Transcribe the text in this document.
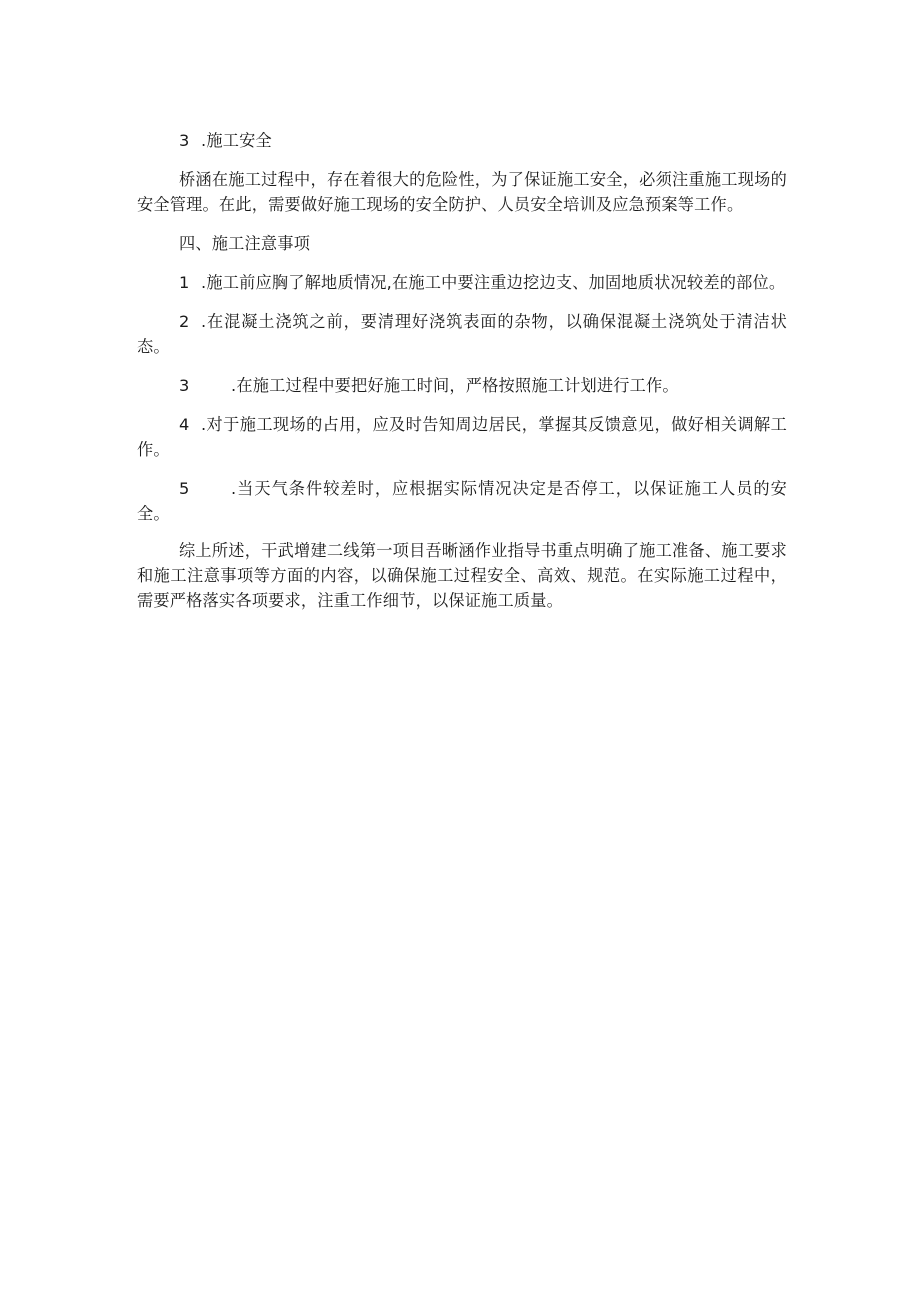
3 .施工安全

桥涵在施工过程中，存在着很大的危险性，为了保证施工安全，必须注重施工现场的安全管理。在此，需要做好施工现场的安全防护、人员安全培训及应急预案等工作。

四、施工注意事项

1 .施工前应胸了解地质情况,在施工中要注重边挖边支、加固地质状况较差的部位。

2 .在混凝土浇筑之前，要清理好浇筑表面的杂物，以确保混凝土浇筑处于清洁状态。

3	.在施工过程中要把好施工时间，严格按照施工计划进行工作。

4 .对于施工现场的占用，应及时告知周边居民，掌握其反馈意见，做好相关调解工作。

5	.当天气条件较差时，应根据实际情况决定是否停工，以保证施工人员的安全。

综上所述，干武增建二线第一项目吾晰涵作业指导书重点明确了施工准备、施工要求和施工注意事项等方面的内容，以确保施工过程安全、高效、规范。在实际施工过程中，需要严格落实各项要求，注重工作细节，以保证施工质量。
